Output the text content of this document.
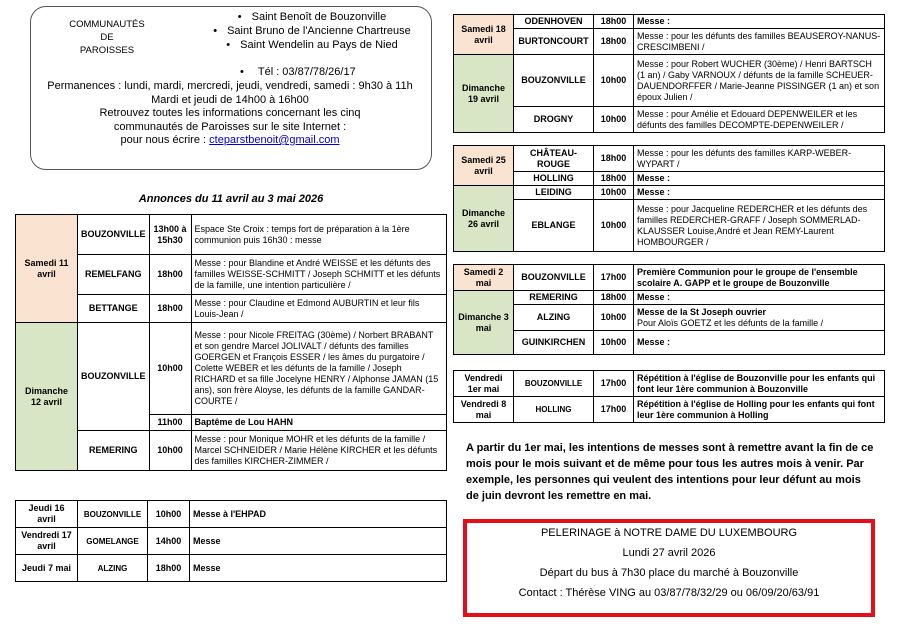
COMMUNAUTÉS
DE
PAROISSES
• Saint Benoît de Bouzonville
• Saint Bruno de l'Ancienne Chartreuse
• Saint Wendelin au Pays de Nied
• Tél : 03/87/78/26/17
Permanences : lundi, mardi, mercredi, jeudi, vendredi, samedi : 9h30 à 11h
Mardi et jeudi de 14h00 à 16h00
Retrouvez toutes les informations concernant les cinq
communautés de Paroisses sur le site Internet :
pour nous écrire : cteparstbenoit@gmail.com
Annonces du 11 avril au 3 mai 2026
Samedi 11 avril	BOUZONVILLE	13h00 à 15h30	Espace Ste Croix : temps fort de préparation à la 1ère communion puis 16h30 : messe
	REMELFANG	18h00	Messe : pour Blandine et André WEISSE et les défunts des familles WEISSE-SCHMITT / Joseph SCHMITT et les défunts de la famille, une intention particulière /
	BETTANGE	18h00	Messe : pour Claudine et Edmond AUBURTIN et leur fils Louis-Jean /
Dimanche 12 avril	BOUZONVILLE	10h00	Messe : pour Nicole FREITAG (30ème) / Norbert BRABANT et son gendre Marcel JOLIVALT / défunts des familles GOERGEN et François ESSER / les âmes du purgatoire / Colette WEBER et les défunts de la famille / Joseph RICHARD et sa fille Jocelyne HENRY / Alphonse JAMAN (15 ans), son frère Aloyse, les défunts de la famille GANDAR-COURTE /
		11h00	Baptême de Lou HAHN
	REMERING	10h00	Messe : pour Monique MOHR et les défunts de la famille / Marcel SCHNEIDER / Marie Hélène KIRCHER et les défunts des familles KIRCHER-ZIMMER /
Jeudi 16 avril	BOUZONVILLE	10h00	Messe à l'EHPAD
Vendredi 17 avril	GOMELANGE	14h00	Messe
Jeudi 7 mai	ALZING	18h00	Messe
Samedi 18 avril	ODENHOVEN	18h00	Messe :
	BURTONCOURT	18h00	Messe : pour les défunts des familles BEAUSEROY-NANUS-CRESCIMBENI /
Dimanche 19 avril	BOUZONVILLE	10h00	Messe : pour Robert WUCHER (30ème) / Henri BARTSCH (1 an) / Gaby VARNOUX / défunts de la famille SCHEUER-DAUENDORFFER / Marie-Jeanne PISSINGER (1 an) et son époux Julien /
	DROGNY	10h00	Messe : pour Amélie et Edouard DEPENWEILER et les défunts des familles DECOMPTE-DEPENWEILER /
Samedi 25 avril	CHÂTEAU-ROUGE	18h00	Messe : pour les défunts des familles KARP-WEBER-WYPART /
	HOLLING	18h00	Messe :
Dimanche 26 avril	LEIDING	10h00	Messe :
	EBLANGE	10h00	Messe : pour Jacqueline REDERCHER et les défunts des familles REDERCHER-GRAFF / Joseph SOMMERLAD-KLAUSSER Louise,André et Jean REMY-Laurent HOMBOURGER /
Samedi 2 mai	BOUZONVILLE	17h00	Première Communion pour le groupe de l'ensemble scolaire A. GAPP et le groupe de Bouzonville
Dimanche 3 mai	REMERING	18h00	Messe :
	ALZING	10h00	Messe de la St Joseph ouvrier
Pour Aloïs GOETZ et les défunts de la famille /

	GUINKIRCHEN	10h00	Messe :
Vendredi 1er mai	BOUZONVILLE	17h00	Répétition à l'église de Bouzonville pour les enfants qui font leur 1ère communion à Bouzonville
Vendredi 8 mai	HOLLING	17h00	Répétition à l'église de Holling pour les enfants qui font leur 1ère communion à Holling
A partir du 1er mai, les intentions de messes sont à remettre avant la fin de ce mois pour le mois suivant et de même pour tous les autres mois à venir. Par exemple, les personnes qui veulent des intentions pour leur défunt au mois de juin devront les remettre en mai.
PELERINAGE à NOTRE DAME DU LUXEMBOURG
Lundi 27 avril 2026
Départ du bus à 7h30 place du marché à Bouzonville
Contact : Thérèse VING au 03/87/78/32/29 ou 06/09/20/63/91
